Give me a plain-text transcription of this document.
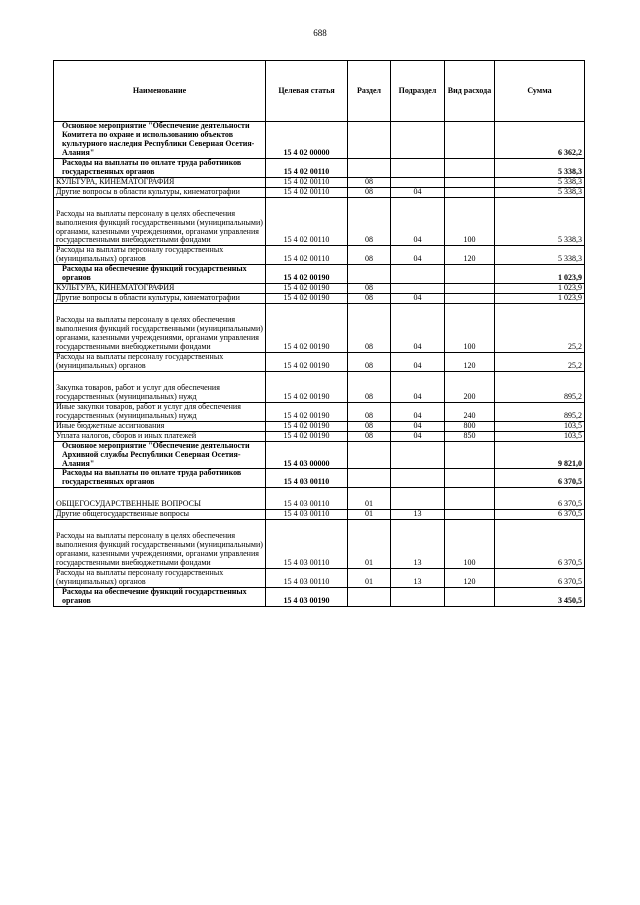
688
Наименование	Целевая статья	Раздел	Подраздел	Вид расхода	Сумма
Основное мероприятие "Обеспечение деятельности Комитета по охране и использованию объектов культурного наследия Республики Северная Осетия-Алания"	15 4 02 00000				6 362,2
Расходы на выплаты по оплате труда работников государственных органов	15 4 02 00110				5 338,3
КУЛЬТУРА, КИНЕМАТОГРАФИЯ	15 4 02 00110	08			5 338,3
Другие вопросы в области культуры, кинематографии	15 4 02 00110	08	04		5 338,3
Расходы на выплаты персоналу в целях обеспечения выполнения функций государственными (муниципальными) органами, казенными учреждениями, органами управления государственными внебюджетными фондами	15 4 02 00110	08	04	100	5 338,3
Расходы на выплаты персоналу государственных (муниципальных) органов	15 4 02 00110	08	04	120	5 338,3
Расходы на обеспечение функций государственных органов	15 4 02 00190				1 023,9
КУЛЬТУРА, КИНЕМАТОГРАФИЯ	15 4 02 00190	08			1 023,9
Другие вопросы в области культуры, кинематографии	15 4 02 00190	08	04		1 023,9
Расходы на выплаты персоналу в целях обеспечения выполнения функций государственными (муниципальными) органами, казенными учреждениями, органами управления государственными внебюджетными фондами	15 4 02 00190	08	04	100	25,2
Расходы на выплаты персоналу государственных (муниципальных) органов	15 4 02 00190	08	04	120	25,2
Закупка товаров, работ и услуг для обеспечения государственных (муниципальных) нужд	15 4 02 00190	08	04	200	895,2
Иные закупки товаров, работ и услуг для обеспечения государственных (муниципальных) нужд	15 4 02 00190	08	04	240	895,2
Иные бюджетные ассигнования	15 4 02 00190	08	04	800	103,5
Уплата налогов, сборов и иных платежей	15 4 02 00190	08	04	850	103,5
Основное мероприятие "Обеспечение деятельности Архивной службы Республики Северная Осетия-Алания"	15 4 03 00000				9 821,0
Расходы на выплаты по оплате труда работников государственных органов	15 4 03 00110				6 370,5
ОБЩЕГОСУДАРСТВЕННЫЕ ВОПРОСЫ	15 4 03 00110	01			6 370,5
Другие общегосударственные вопросы	15 4 03 00110	01	13		6 370,5
Расходы на выплаты персоналу в целях обеспечения выполнения функций государственными (муниципальными) органами, казенными учреждениями, органами управления государственными внебюджетными фондами	15 4 03 00110	01	13	100	6 370,5
Расходы на выплаты персоналу государственных (муниципальных) органов	15 4 03 00110	01	13	120	6 370,5
Расходы на обеспечение функций государственных органов	15 4 03 00190				3 450,5
